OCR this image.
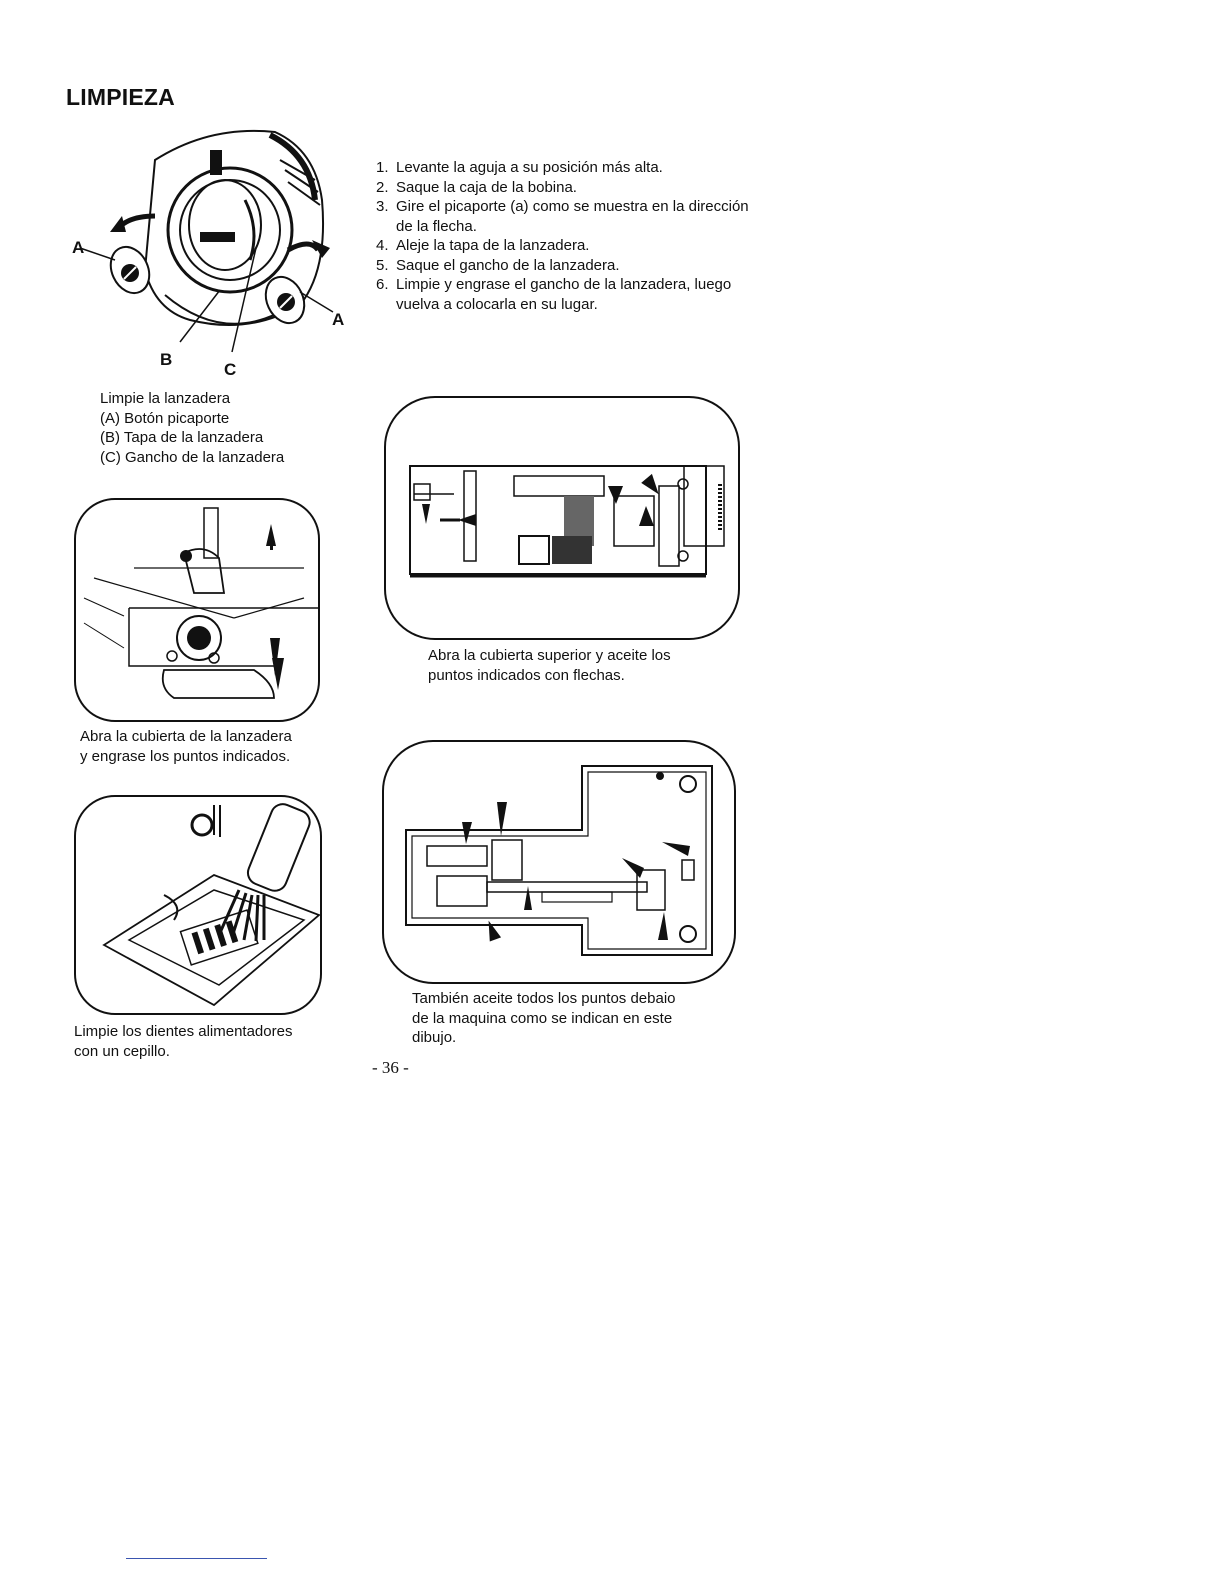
LIMPIEZA
1. Levante la aguja a su posición más alta.
2. Saque la caja de la bobina.
3. Gire el picaporte (a) como se muestra en la dirección de la flecha.
4. Aleje la tapa de la lanzadera.
5. Saque el gancho de la lanzadera.
6. Limpie y engrase el gancho de la lanzadera, luego vuelva a colocarla en su lugar.
A
A
B
C
Limpie la lanzadera
(A) Botón picaporte
(B) Tapa de la lanzadera
(C) Gancho de la lanzadera
Abra la cubierta de la lanzadera
y engrase los puntos indicados.
Limpie los dientes alimentadores
con un cepillo.
Abra la cubierta superior y aceite los
puntos indicados con flechas.
También aceite todos los puntos debaio
de la maquina como se indican en este
dibujo.
- 36 -
